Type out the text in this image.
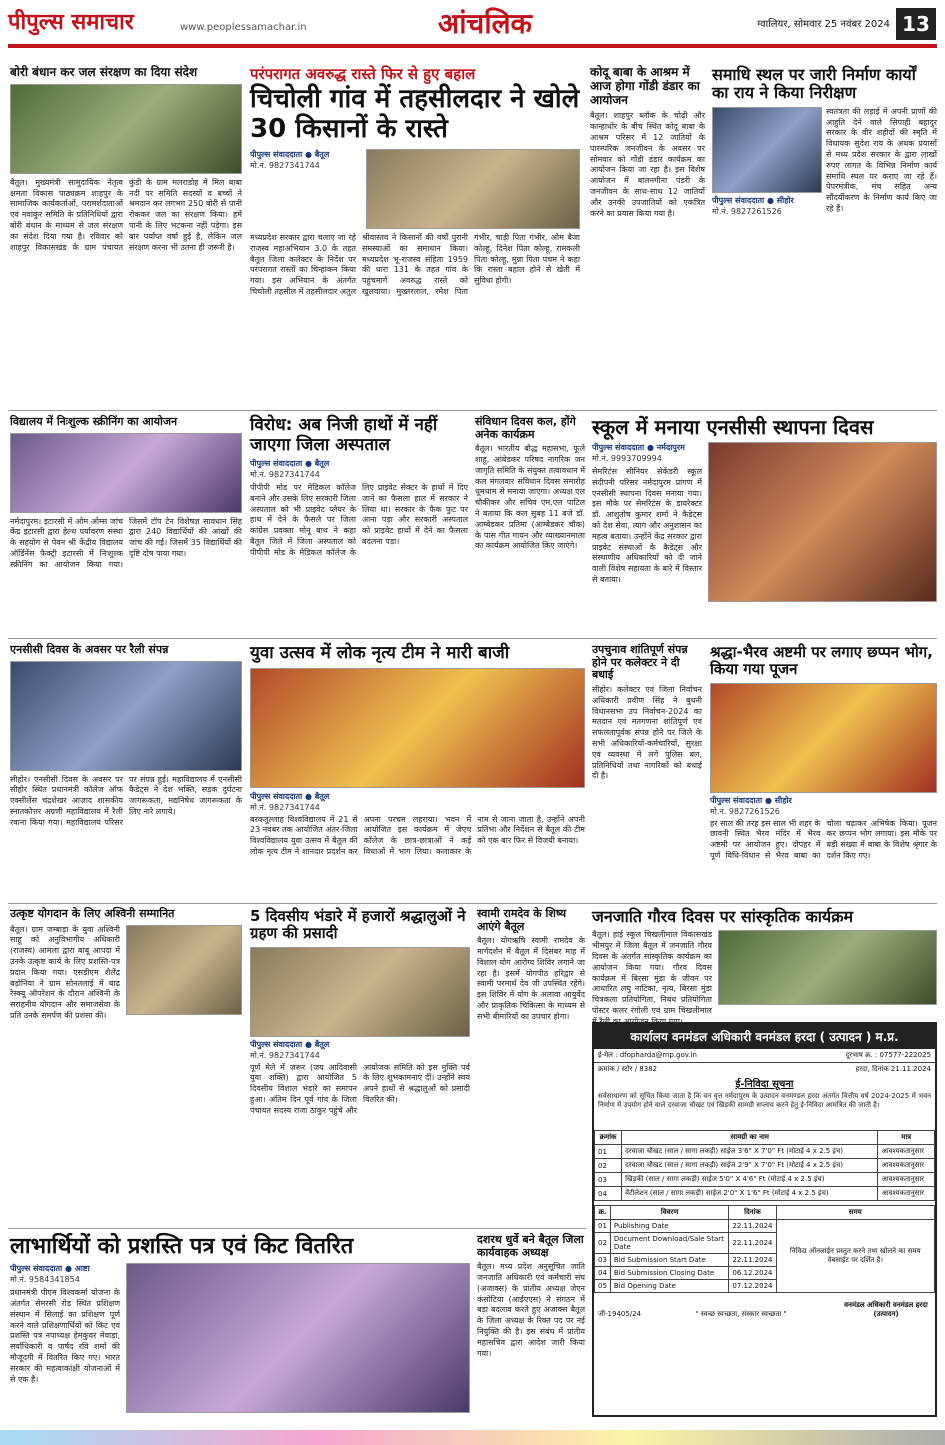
पीपुल्स समाचार	www.peoplessamachar.in	आंचलिक	ग्वालियर, सोमवार 25 नवंबर 2024 13
बोरी बंधान कर जल संरक्षण का दिया संदेश
बैतूल। मुख्यमंत्री सामुदायिक नेतृत्व क्षमता विकास पाठ्यक्रम शाहपुर के सामाजिक कार्यकर्ताओं, परामर्शदाताओं एवं नवांकुर समिति के प्रतिनिधियों द्वारा बोरी बंधान के माध्यम से जल संरक्षण का संदेश दिया गया है। रविवार को शाहपुर विकासखंड के ग्राम पंचायत कुंडी के ग्राम मलराडोह में मिल बाबा नदी पर समिति सदस्यों व बच्चों ने श्रमदान कर लगभग 250 बोरी से पानी रोककर जल का संरक्षण किया। हमें पानी के लिए भटकना नहीं पड़ेगा। इस बार पर्याप्त वर्षा हुई है, लेकिन जल संरक्षण करना भी उतना ही जरूरी है।
परंपरागत अवरुद्ध रास्ते फिर से हुए बहाल
चिचोली गांव में तहसीलदार ने खोले 30 किसानों के रास्ते
पीपुल्स संवाददाता ● बैतूल
मो.नं. 9827341744
मध्यप्रदेश सरकार द्वारा चलाए जा रहे राजस्व महाअभियान 3.0 के तहत बैतूल जिला कलेक्टर के निर्देश पर परंपरागत रास्तों का चिन्हांकन किया गया। इस अभियान के अंतर्गत चिचोली तहसील में तहसीलदार अतुल श्रीवास्तव ने किसानों की वर्षों पुरानी समस्याओं का समाधान किया। मध्यप्रदेश भू-राजस्व संहिता 1959 की धारा 131 के तहत गांव के पहुंचमार्ग अवरुद्ध रास्ते को खुलवाया। मुख्तरलाल, रमेश पिता गंभीर, चाड़ी पिता गंभीर, ओम बैजा कोल्हू, दिनेश पिता कोल्हू, रामकली पिता कोल्हू, मुन्ना पिता पंचम ने कहा कि रास्ता बहाल होने से खेती में सुविधा होगी।
कोदू बाबा के आश्रम में आज होगा गोंडी डंडार का आयोजन
बैतूल। शाहपुर ब्लॉक के चोढ़ी और कान्हाधोर के बीच स्थित कोदू बाबा के आश्रम परिसर में 12 जातियों के पारम्परिक जनजीवन के अवसर पर सोमवार को गोंडी डंडार कार्यक्रम का आयोजन किया जा रहा है। इस विशेष आयोजन में बालनगीना पंडरी के जनजीवन के साथ-साथ 12 जातियों और उनकी उपजातियों को एकत्रित करने का प्रयास किया गया है।
समाधि स्थल पर जारी निर्माण कार्यों का राय ने किया निरीक्षण
पीपुल्स संवाददाता ● सीहोर
मो.नं. 9827261526
स्वतंत्रता की लड़ाई में अपनी प्राणों की आहुति देने वाले सिपाही बहादुर सरकार के वीर शहीदों की स्मृति में विधायक सुदेश राय के अथक प्रयासों से मध्य प्रदेश सरकार के द्वारा लाखों रुपए लागत के विभिन्न निर्माण कार्य समाधि स्थल पर कराए जा रहे हैं। पेपरमंत्रीक, मंच सहित अन्य सौंदर्यीकरण के निर्माण कार्य किए जा रहे हैं।
विद्यालय में निःशुल्क स्क्रीनिंग का आयोजन
नर्मदापुरम। इटारसी में ओम ओम्स जांच केंद्र इटारसी द्वारा हेल्थ पर्यावरण संस्था के सहयोग से पेवन श्री केंद्रीय विद्यालय ऑर्डिनेंस फैक्ट्री इटारसी में निःशुल्क स्क्रीनिंग का आयोजन किया गया। जिसमें टॉप टेन विशेषज्ञ सावधान सिंह द्वारा 240 विद्यार्थियों की आंखों की जांच की गई। जिसमें 35 विद्यार्थियों की दृष्टि दोष पाया गया।
विरोध: अब निजी हाथों में नहीं जाएगा जिला अस्पताल
पीपुल्स संवाददाता ● बैतूल
मो.नं. 9827341744
पीपीपी मोड पर मेडिकल कॉलेज बनाने और उसके लिए सरकारी जिला अस्पताल को भी प्राइवेट प्लेयर के हाथ में देने के फैसले पर जिला कांग्रेस प्रवक्ता मोनू बाथ ने कहा बैतूल जिले में जिला अस्पताल को पीपीपी मोड के मेडिकल कॉलेज के लिए प्राइवेट सेक्टर के हाथों में दिए जाने का फैसला हाल में सरकार ने लिया था। सरकार के फैक फुट पर आना पड़ा और सरकारी अस्पताल को प्राइवेट हाथों में देने का फैसला बदलना पड़ा।
संविधान दिवस कल, होंगे अनेक कार्यक्रम
बैतूल। भारतीय बौद्ध महासभा, फूले शाहू, आंबेडकर परिषद नागरिक जन जागृति समिति के संयुक्त तत्वावधान में कल मंगलवार संविधान दिवस समारोह धूमधाम से मनाया जाएगा। अध्यक्ष एल चौकीकर और सचिव एम.एल पाटिल ने बताया कि कल सुबह 11 बजे डॉ. आम्बेडकर प्रतिमा (आम्बेडकर चौक) के पास गीत गायन और व्याख्यानमाला का कार्यक्रम आयोजित किए जाएंगे।
स्कूल में मनाया एनसीसी स्थापना दिवस
पीपुल्स संवाददाता ● नर्मदापुरम
मो.नं. 9993709994
सेमरिटंस सीनियर सेकेंडरी स्कूल संदीपनी परिसर नर्मदापुरम प्रांगण में एनसीसी स्थापना दिवस मनाया गया। इस मौके पर सेमरिटंस के डायरेक्टर डॉ. आशुतोष कुमार शर्मा ने कैडेट्स को देश सेवा, त्याग और अनुशासन का महत्व बताया। उन्होंने केंद्र सरकार द्वारा प्राइवेट संस्थाओं के कैडेट्स और संस्थाणीय अधिकारियों को दी जाने वाली विशेष सहायता के बारे में विस्तार से बताया।
एनसीसी दिवस के अवसर पर रैली संपन्न
सीहोर। एनसीसी दिवस के अवसर पर सीहोर स्थित प्रधानमंत्री कॉलेज ऑफ एक्सीलेंस चंद्रशेखर आज़ाद शासकीय स्नातकोत्तर अग्रणी महाविद्यालय में रैली रवाना किया गया। महाविद्यालय परिसर पर संपन्न हुई। महाविद्यालय में एनसीसी कैडेट्स ने देश भक्ति, सड़क दुर्घटना जागरूकता, मद्यनिषेध जागरूकता के लिए नारे लगाये।
युवा उत्सव में लोक नृत्य टीम ने मारी बाजी
पीपुल्स संवाददाता ● बैतूल
मो.नं. 9827341744
बरकतुल्लाह विश्वविद्यालय में 21 से 23 नवंबर तक आयोजित अंतर-जिला विश्वविद्यालय युवा उत्सव में बैतूल की लोक नृत्य टीम ने शानदार प्रदर्शन कर अपना परचम लहराया। भवन में आयोजित इस कार्यक्रम में जेएच कॉलेज के छात्र-छात्राओं ने कई विधाओं में भाग लिया। कलाकार के नाम से जाना जाता है, उन्होंने अपनी प्रतिभा और निर्देशन से बैतूल की टीम को एक बार फिर से विजयी बनाया।
उपचुनाव शांतिपूर्ण संपन्न होने पर कलेक्टर ने दी बधाई
सीहोर। कलेक्टर एवं जिला निर्वाचन अधिकारी प्रवीण सिंह ने बुधनी विधानसभा उप निर्वाचन-2024 का मतदान एवं मतगणना शांतिपूर्ण एवं सफलतापूर्वक संपन्न होने पर जिले के सभी अधिकारियों-कर्मचारियों, सुरक्षा एवं व्यवस्था में लगे पुलिस बल, प्रतिनिधियों तथा नागरिकों को बधाई दी है।
श्रद्धा-भैरव अष्टमी पर लगाए छप्पन भोग, किया गया पूजन
पीपुल्स संवाददाता ● सीहोर
मो.नं. 9827261526
हर साल की तरह इस साल भी शहर के छावनी स्थित भैरव मंदिर में भैरव अष्टमी पर आयोजन हुए। दोपहर में पूर्ण विधि-विधान से भैरव बाबा का चोला चढ़ाकर अभिषेक किया। पूजन कर छप्पन भोग लगाया। इस मौके पर बड़ी संख्या में बाबा के विशेष श्रृंगार के दर्शन किए गए।
उत्कृष्ट योगदान के लिए अश्विनी सम्मानित
बैतूल। ग्राम जम्बाड़ा के युवा अश्विनी साहू को अनुविभागीय अधिकारी (राजस्व) आमला द्वारा बाबू आपदा में उनके उत्कृष्ट कार्य के लिए प्रशस्ति-पत्र प्रदान किया गया। एसडीएम शैलेंद्र बड़ोनिया ने ग्राम सोनतलाई में बाढ़ रेस्क्यू ऑपरेशन के दौरान अश्विनी के सराहनीय योगदान और समाजसेवा के प्रति उनके समर्पण की प्रशंसा की।
5 दिवसीय भंडारे में हजारों श्रद्धालुओं ने ग्रहण की प्रसादी
पीपुल्स संवाददाता ● बैतूल
मो.नं. 9827341744
पूर्ण मेले में ज़रूर (जय आदिवासी युवा शक्ति) द्वारा आयोजित 5 दिवसीय विशाल भंडारे का समापन हुआ। अंतिम दिन पूर्व गांव के जिला पंचायत सदस्य राजा ठाकुर पहुंचे और आयोजक समिति को इस मुक्ति पर्व के लिए शुभकामनाएं दीं। उन्होंने स्वयं अपने हाथों से श्रद्धालुओं को प्रसादी वितरित की।
स्वामी रामदेव के शिष्य आएंगे बैतूल
बैतूल। योगऋषि स्वामी रामदेव के मार्गदर्शन में बैतूल में दिसंबर माह में विशाल योग आरोग्य शिविर लगाने जा रहा है। इसमें योगपीठ हरिद्वार से स्वामी परमार्थ देव जी उपस्थित रहेंगे। इस शिविर में योग के अलावा आयुर्वेद और प्राकृतिक चिकित्सा के माध्यम से सभी बीमारियों का उपचार होगा।
जनजाति गौरव दिवस पर सांस्कृतिक कार्यक्रम
बैतूल। हाई स्कूल चिखलीमाल विकासखंड भीमपुर में जिला बैतूल में जनजाति गौरव दिवस के अंतर्गत सांस्कृतिक कार्यक्रम का आयोजन किया गया। गौरव दिवस कार्यक्रम में बिरसा मुंडा के जीवन पर आधारित लघु नाटिका, नृत्य, बिरसा मुंडा चित्रकला प्रतियोगिता, निबंध प्रतियोगिता पोस्टर कलर रंगोली एवं ग्राम चिखलीमाल
कार्यालय वनमंडल अधिकारी वनमंडल हरदा ( उत्पादन ) म.प्र.
ई-मेल : dfopharda@mp.gov.in	दूरभाष क्र. : 07577-222025
क्रमांक / स्टोर / 8382	हरदा, दिनांक 21.11.2024
ई-निविदा सूचना
सर्वसाधारण को सूचित किया जाता है कि वन वृत्त नर्मदापुरम के उत्पादन वनमण्डल हरदा अंतर्गत वित्तीय वर्ष 2024-2025 में भवन निर्माण में उपयोग होने वाले दरवाजा चौखट एवं खिड़की सामग्री सप्लाय करने हेतु ई-निविदा आमंत्रित की जाती है।
क्रमांक	सामग्री का नाम	मात्र
01	दरवाजा चौखट (साल / सागा लकड़ी) साईज 3'6" X 7'0" Ft (मोटाई 4 x 2.5 इंच)	आवश्यकतानुसार
02	दरवाजा चौखट (साल / सागा लकड़ी) साईज 2'9" X 7'0" Ft (मोटाई 4 x 2.5 इंच)	आवश्यकतानुसार
03	खिड़की (साल / सागा लकड़ी) साईज 5'0" X 4'6" Ft (मोटाई 4 x 2.5 इंच)	आवश्यकतानुसार
04	वेंटीलेशन (साल / सागा लकड़ी) साईज 2'0" X 1'6" Ft (मोटाई 4 x 2.5 इंच)	आवश्यकतानुसार
क्र.	विवरण	दिनांक	समय
01	Publishing Date	22.11.2024	निविदा ऑनलाईन प्रस्तुत करने तथा खोलने का समय वेबसाईट पर दर्शित है।
02	Document Download/Sale Start Date	22.11.2024	
03	Bid Submission Start Date	22.11.2024	
04	Bid Submission Closing Date	06.12.2024	
05	Bid Opening Date	07.12.2024	
जी-19405/24	" स्वच्छ स्वच्छता, संस्कार स्वच्छता "
वनमंडल अधिकारी वनमंडल हरदा (उत्पादन)
लाभार्थियों को प्रशस्ति पत्र एवं किट वितरित
पीपुल्स संवाददाता ● आष्टा
मो.नं. 9584341854
प्रधानमंत्री पीएम विश्वकर्मा योजना के अंतर्गत सेमरसी रोड स्थित प्रशिक्षण संस्थान में सिलाई का प्रशिक्षण पूर्ण करने वाले प्रशिक्षणार्थियों को किट एवं प्रशस्ति पत्र नपाध्यक्ष हेमकुंवर मेवाड़ा, सर्वाधिकारी व पार्षद रवि शर्मा की मौजूदगी में वितरित किए गए। भारत सरकार की महत्वाकांक्षी योजनाओं में से एक है।
दशरथ धुर्वे बने बैतूल जिला कार्यवाहक अध्यक्ष
बैतूल। मध्य प्रदेश अनुसूचित जाति जनजाति अधिकारी एवं कर्मचारी संघ (अजाक्स) के प्रांतीय अध्यक्ष जेएन कंसोटिया (आईएएस) ने संगठन में बड़ा बदलाव करते हुए अजाक्स बैतूल के जिला अध्यक्ष के रिक्त पद पर नई नियुक्ति की है। इस संबंध में प्रांतीय महासचिव द्वारा आदेश जारी किया गया।
